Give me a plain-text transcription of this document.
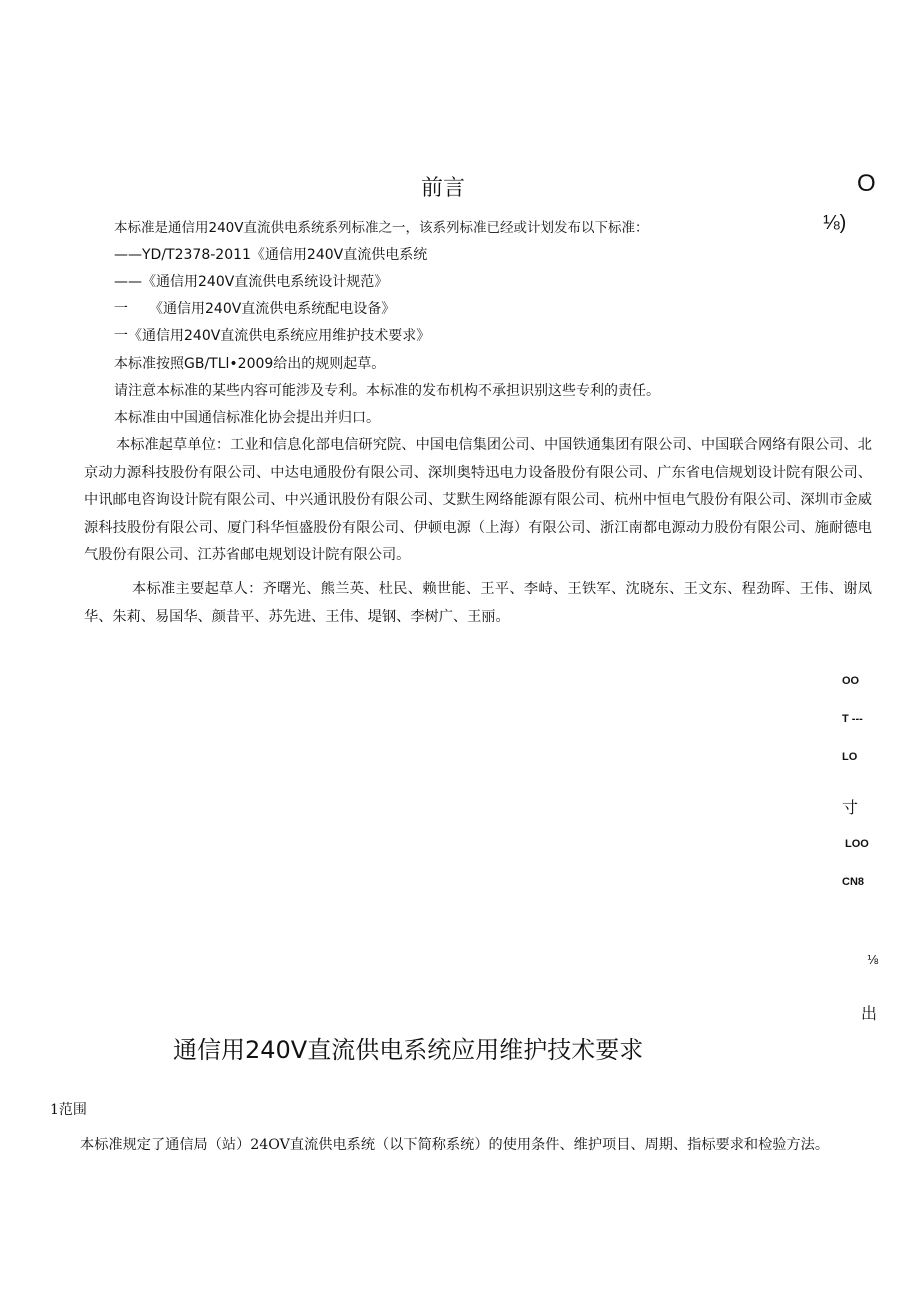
前言	O
⅛)
本标准是通信用240V直流供电系统系列标准之一，该系列标准已经或计划发布以下标准：
——YD/T2378-2011《通信用240V直流供电系统
——《通信用240V直流供电系统设计规范》
一　　《通信用240V直流供电系统配电设备》
一《通信用240V直流供电系统应用维护技术要求》
本标准按照GB/TLl•2009给出的规则起草。
请注意本标准的某些内容可能涉及专利。本标准的发布机构不承担识别这些专利的责任。
本标准由中国通信标准化协会提出并归口。
本标准起草单位：工业和信息化部电信研究院、中国电信集团公司、中国铁通集团有限公司、中国联合网络有限公司、北京动力源科技股份有限公司、中达电通股份有限公司、深圳奥特迅电力设备股份有限公司、广东省电信规划设计院有限公司、中讯邮电咨询设计院有限公司、中兴通讯股份有限公司、艾默生网络能源有限公司、杭州中恒电气股份有限公司、深圳市金威源科技股份有限公司、厦门科华恒盛股份有限公司、伊顿电源（上海）有限公司、浙江南都电源动力股份有限公司、施耐德电气股份有限公司、江苏省邮电规划设计院有限公司。
本标准主要起草人：齐曙光、熊兰英、杜民、赖世能、王平、李峙、王铁军、沈晓东、王文东、程劲晖、王伟、谢凤华、朱莉、易国华、颜昔平、苏先进、王伟、堤钢、李树广、王丽。
OO
T ---
LO
寸
LOO
CN8
⅛
出
通信用240V直流供电系统应用维护技术要求
1范围
本标准规定了通信局（站）24OV直流供电系统（以下简称系统）的使用条件、维护项目、周期、指标要求和检验方法。
